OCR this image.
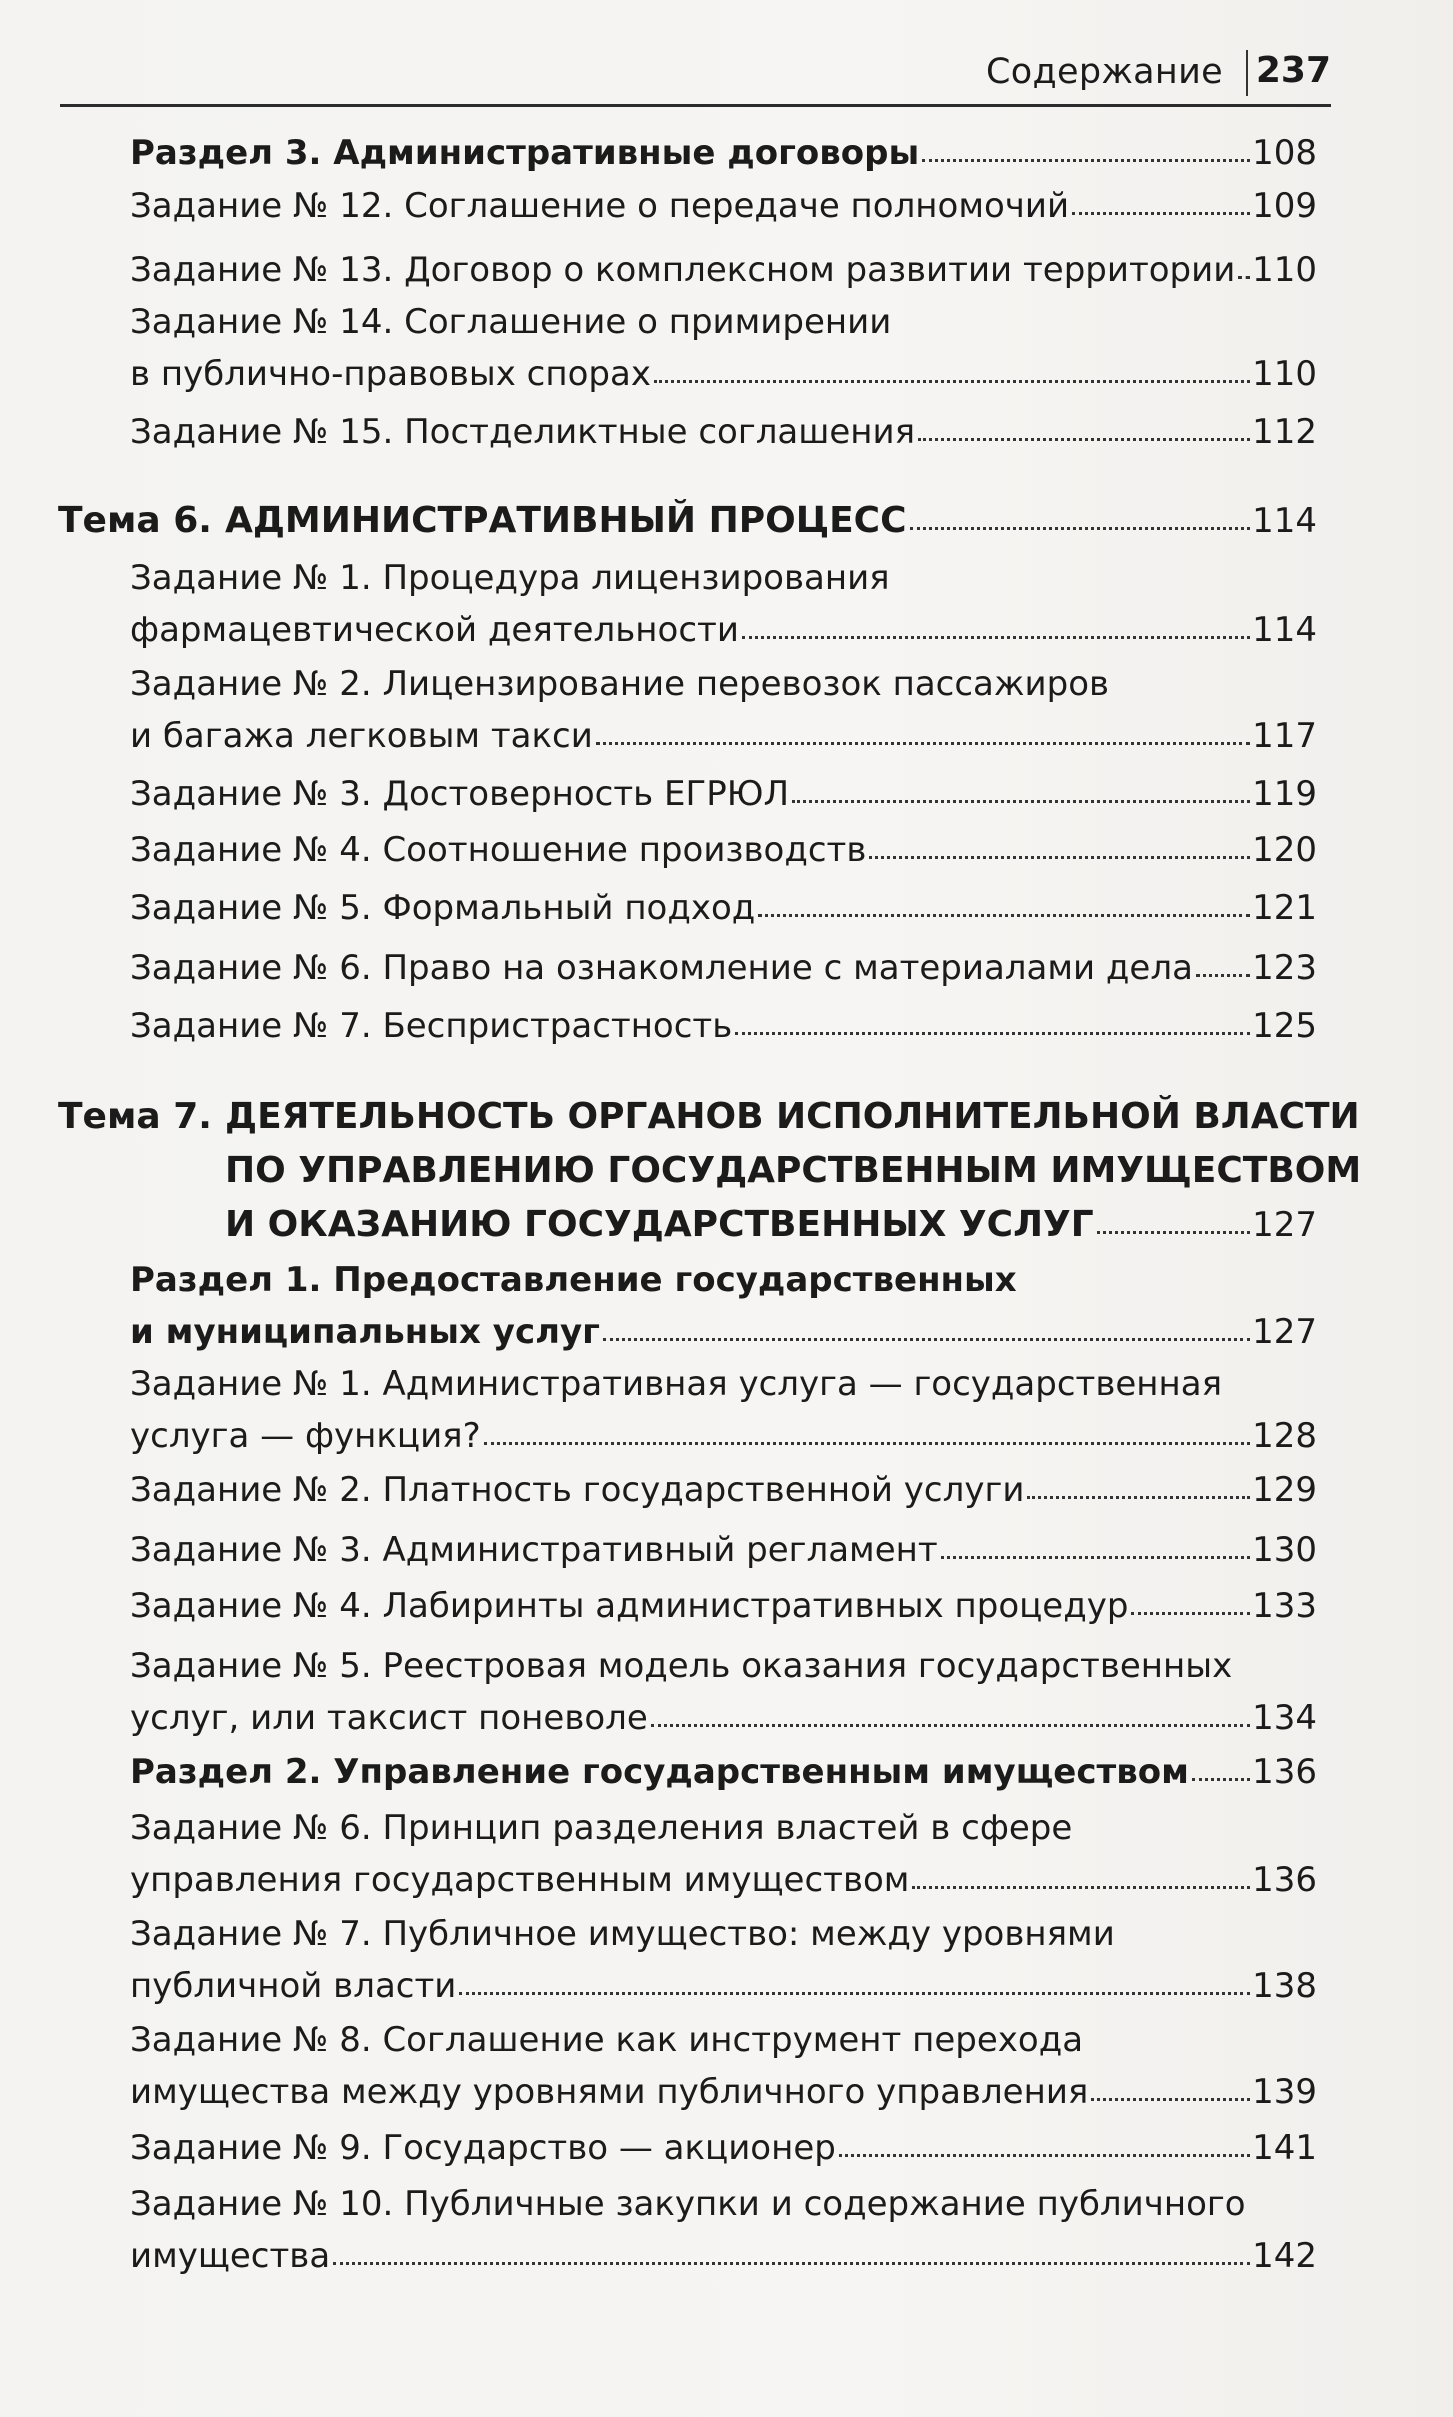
Содержание 237
Раздел 3. Административные договоры	108
Задание № 12. Соглашение о передаче полномочий	109
Задание № 13. Договор о комплексном развитии территории 110
Задание № 14. Соглашение о примирении
в публично-правовых спорах	110
Задание № 15. Постделиктные соглашения	112
Тема 6. АДМИНИСТРАТИВНЫЙ ПРОЦЕСС	114
Задание № 1. Процедура лицензирования
фармацевтической деятельности	114
Задание № 2. Лицензирование перевозок пассажиров
и багажа легковым такси	117
Задание № 3. Достоверность ЕГРЮЛ	119
Задание № 4. Соотношение производств	120
Задание № 5. Формальный подход	121
Задание № 6. Право на ознакомление с материалами дела 123
Задание № 7. Беспристрастность	125
Тема 7. ДЕЯТЕЛЬНОСТЬ ОРГАНОВ ИСПОЛНИТЕЛЬНОЙ ВЛАСТИ
ПО УПРАВЛЕНИЮ ГОСУДАРСТВЕННЫМ ИМУЩЕСТВОМ
И ОКАЗАНИЮ ГОСУДАРСТВЕННЫХ УСЛУГ	127
Раздел 1. Предоставление государственных
и муниципальных услуг	127
Задание № 1. Административная услуга — государственная
услуга — функция?	128
Задание № 2. Платность государственной услуги	129
Задание № 3. Административный регламент	130
Задание № 4. Лабиринты административных процедур	133
Задание № 5. Реестровая модель оказания государственных
услуг, или таксист поневоле	134
Раздел 2. Управление государственным имуществом 136
Задание № 6. Принцип разделения властей в сфере
управления государственным имуществом	136
Задание № 7. Публичное имущество: между уровнями
публичной власти	138
Задание № 8. Соглашение как инструмент перехода
имущества между уровнями публичного управления	139
Задание № 9. Государство — акционер	141
Задание № 10. Публичные закупки и содержание публичного
имущества	142
